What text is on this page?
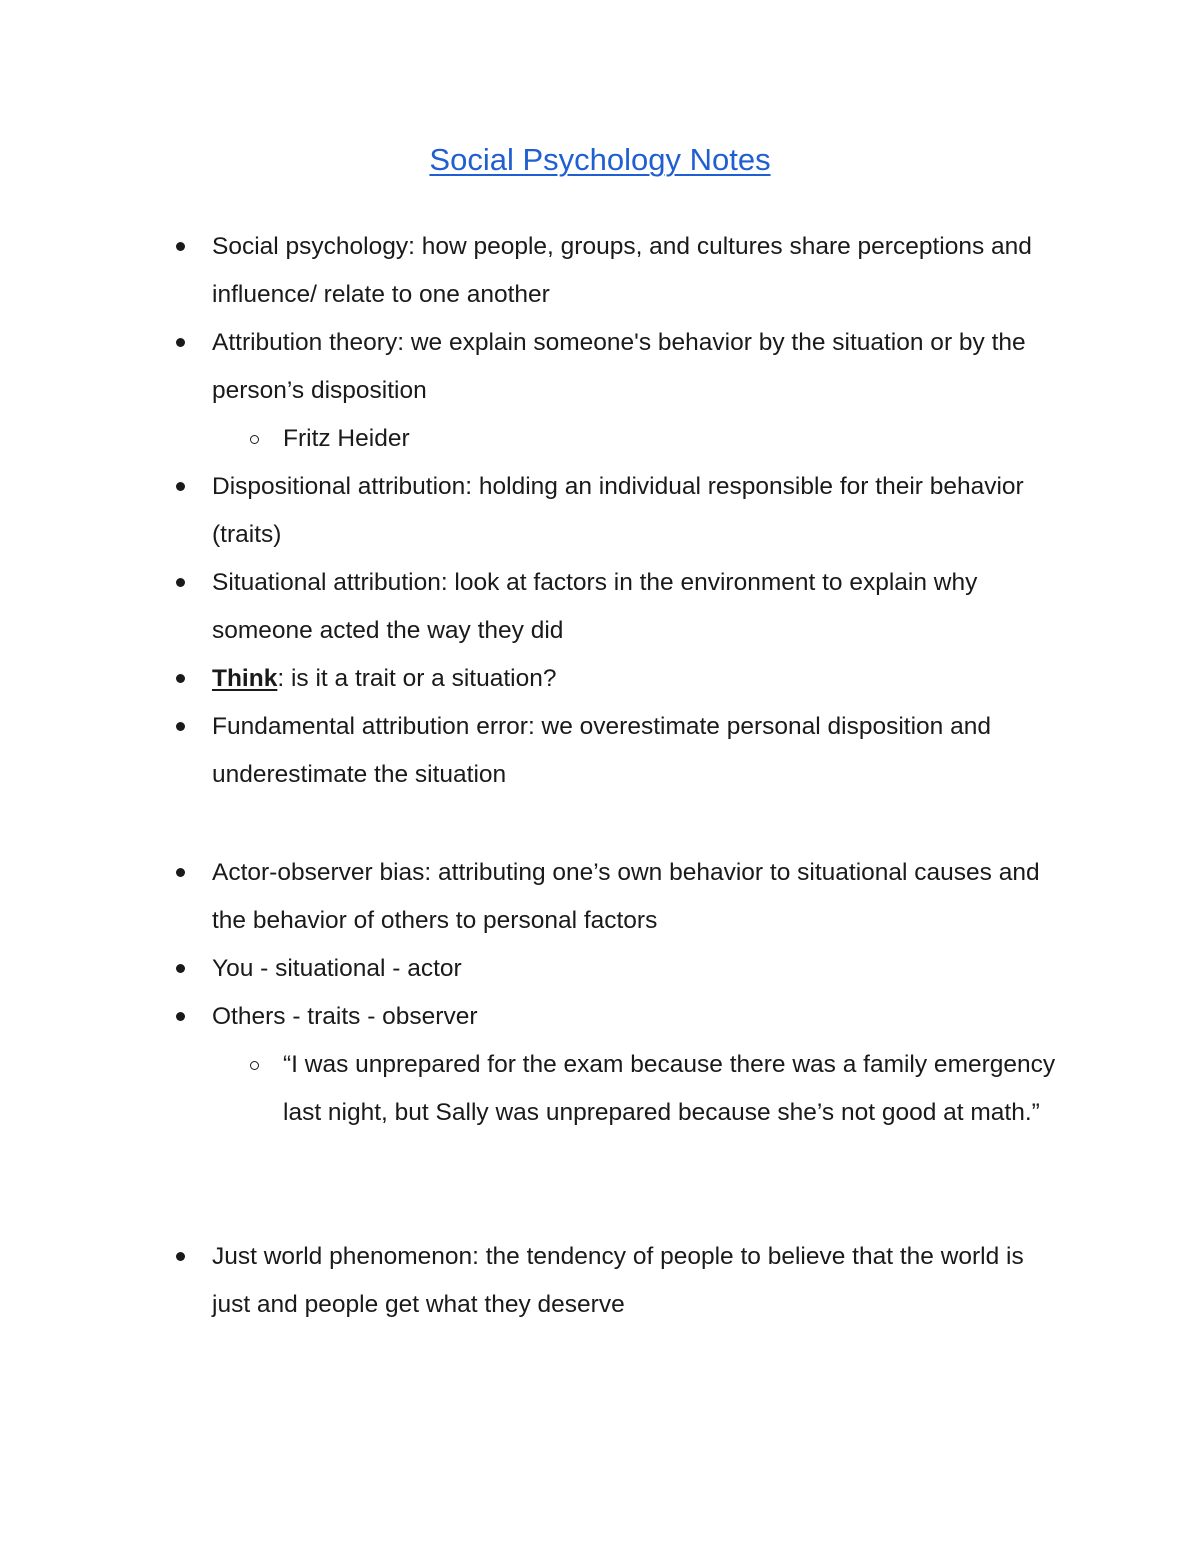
Social Psychology Notes
Social psychology: how people, groups, and cultures share perceptions and influence/ relate to one another
Attribution theory: we explain someone's behavior by the situation or by the person’s disposition
Fritz Heider
Dispositional attribution: holding an individual responsible for their behavior (traits)
Situational attribution: look at factors in the environment to explain why someone acted the way they did
Think: is it a trait or a situation?
Fundamental attribution error: we overestimate personal disposition and underestimate the situation
Actor-observer bias: attributing one’s own behavior to situational causes and the behavior of others to personal factors
You - situational - actor
Others - traits - observer
“I was unprepared for the exam because there was a family emergency last night, but Sally was unprepared because she’s not good at math.”
Just world phenomenon: the tendency of people to believe that the world is just and people get what they deserve
